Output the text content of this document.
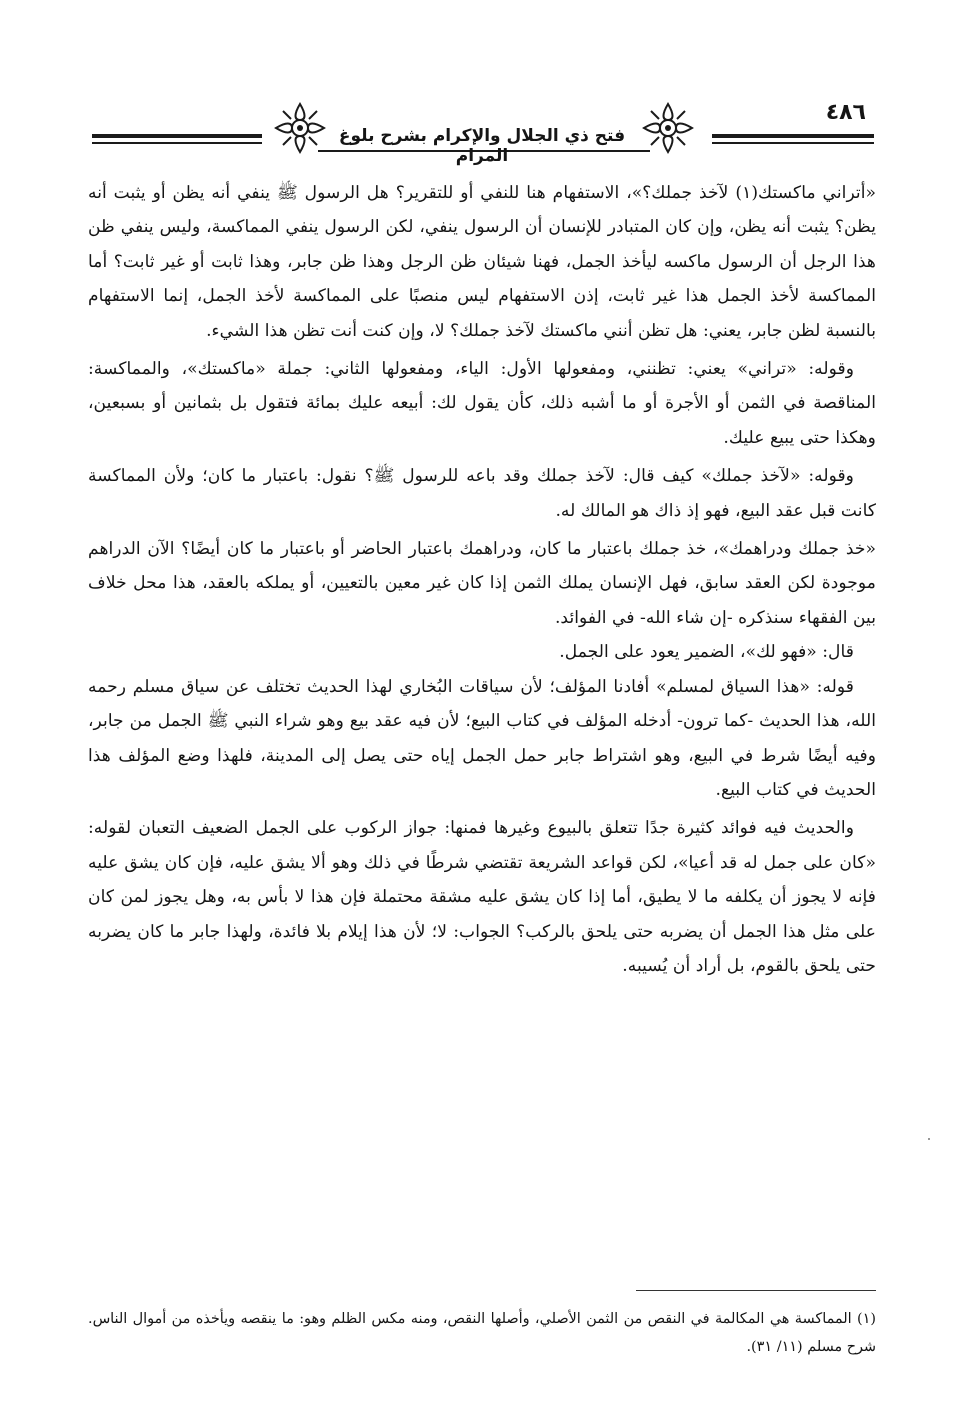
فتح ذي الجلال والإكرام بشرح بلوغ المرام
٤٨٦

«أتراني ماكستك(١) لآخذ جملك؟»، الاستفهام هنا للنفي أو للتقرير؟ هل الرسول ﷺ ينفي أنه يظن أو يثبت أنه يظن؟ يثبت أنه يظن، وإن كان المتبادر للإنسان أن الرسول ينفي، لكن الرسول ينفي المماكسة، وليس ينفي ظن هذا الرجل أن الرسول ماكسه ليأخذ الجمل، فهنا شيئان ظن الرجل وهذا ظن جابر، وهذا ثابت أو غير ثابت؟ أما المماكسة لأخذ الجمل هذا غير ثابت، إذن الاستفهام ليس منصبًا على المماكسة لأخذ الجمل، إنما الاستفهام بالنسبة لظن جابر، يعني: هل تظن أنني ماكستك لآخذ جملك؟ لا، وإن كنت أنت تظن هذا الشيء.

وقوله: «تراني» يعني: تظنني، ومفعولها الأول: الياء، ومفعولها الثاني: جملة «ماكستك»، والمماكسة: المناقصة في الثمن أو الأجرة أو ما أشبه ذلك، كأن يقول لك: أبيعه عليك بمائة فتقول بل بثمانين أو بسبعين، وهكذا حتى يبيع عليك.

وقوله: «لآخذ جملك» كيف قال: لآخذ جملك وقد باعه للرسول ﷺ؟ نقول: باعتبار ما كان؛ ولأن المماكسة كانت قبل عقد البيع، فهو إذ ذاك هو المالك له.

«خذ جملك ودراهمك»، خذ جملك باعتبار ما كان، ودراهمك باعتبار الحاضر أو باعتبار ما كان أيضًا؟ الآن الدراهم موجودة لكن العقد سابق، فهل الإنسان يملك الثمن إذا كان غير معين بالتعيين، أو يملكه بالعقد، هذا محل خلاف بين الفقهاء سنذكره -إن شاء الله- في الفوائد.

قال: «فهو لك»، الضمير يعود على الجمل.

قوله: «هذا السياق لمسلم» أفادنا المؤلف؛ لأن سياقات البُخاري لهذا الحديث تختلف عن سياق مسلم رحمه الله، هذا الحديث -كما ترون- أدخله المؤلف في كتاب البيع؛ لأن فيه عقد بيع وهو شراء النبي ﷺ الجمل من جابر، وفيه أيضًا شرط في البيع، وهو اشتراط جابر حمل الجمل إياه حتى يصل إلى المدينة، فلهذا وضع المؤلف هذا الحديث في كتاب البيع.

والحديث فيه فوائد كثيرة جدًا تتعلق بالبيوع وغيرها فمنها: جواز الركوب على الجمل الضعيف التعبان لقوله: «كان على جمل له قد أعيا»، لكن قواعد الشريعة تقتضي شرطًا في ذلك وهو ألا يشق عليه، فإن كان يشق عليه فإنه لا يجوز أن يكلفه ما لا يطيق، أما إذا كان يشق عليه مشقة محتملة فإن هذا لا بأس به، وهل يجوز لمن كان على مثل هذا الجمل أن يضربه حتى يلحق بالركب؟ الجواب: لا؛ لأن هذا إيلام بلا فائدة، ولهذا جابر ما كان يضربه حتى يلحق بالقوم، بل أراد أن يُسيبه.

(١) المماكسة هي المكالمة في النقص من الثمن الأصلي، وأصلها النقص، ومنه مكس الظلم وهو: ما ينقصه ويأخذه من أموال الناس. شرح مسلم (١١/ ٣١).
